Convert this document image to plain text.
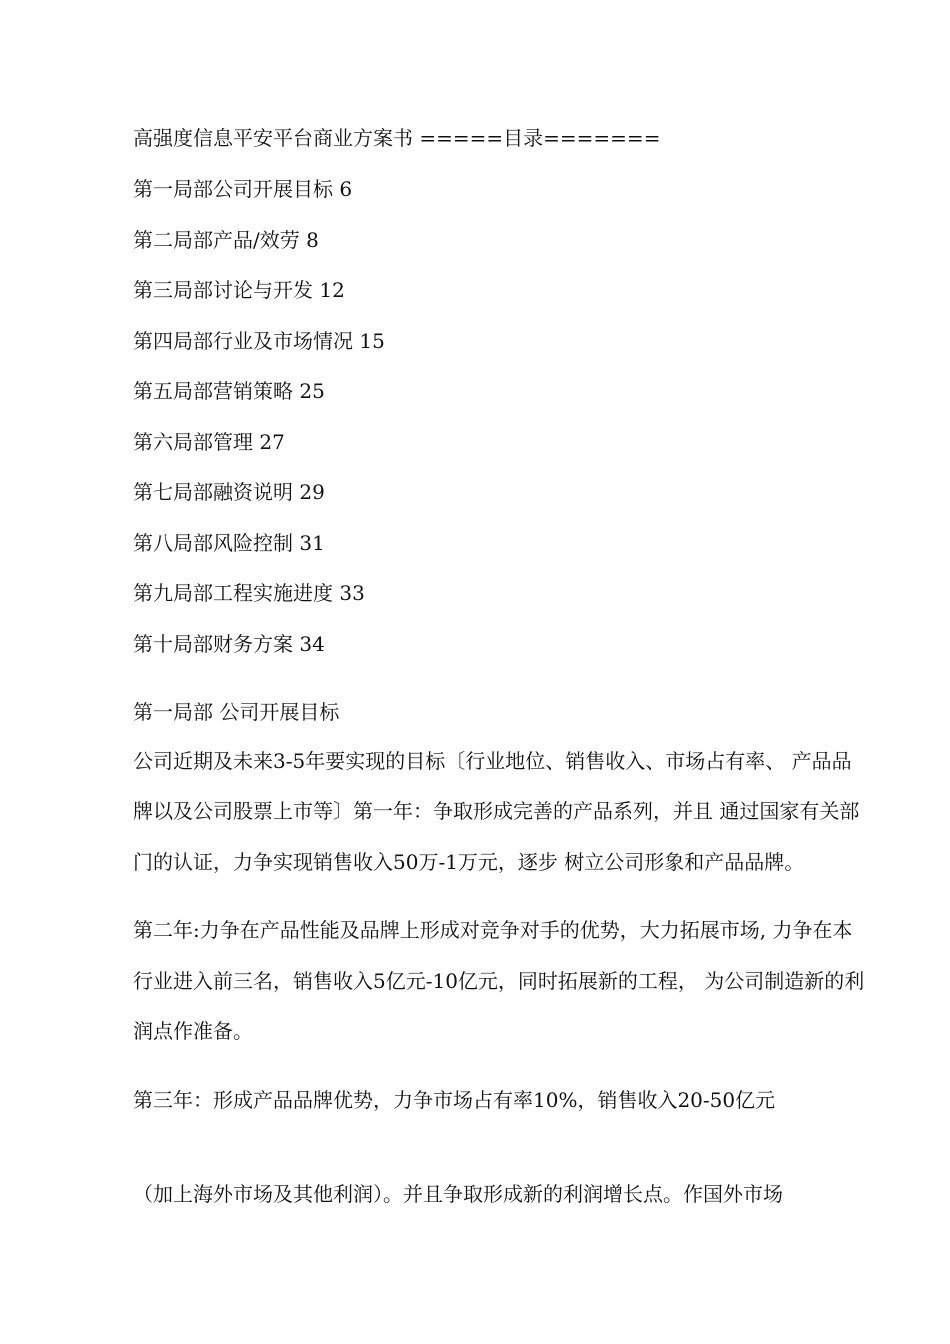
高强度信息平安平台商业方案书 =====目录=======

第一局部公司开展目标 6

第二局部产品/效劳 8

第三局部讨论与开发 12

第四局部行业及市场情况 15

第五局部营销策略 25

第六局部管理 27

第七局部融资说明 29

第八局部风险控制 31

第九局部工程实施进度 33

第十局部财务方案 34

第一局部 公司开展目标

公司近期及未来3-5年要实现的目标〔行业地位、销售收入、市场占有率、 产品品牌以及公司股票上市等〕第一年：争取形成完善的产品系列，并且 通过国家有关部门的认证，力争实现销售收入50万-1万元，逐步 树立公司形象和产品品牌。

第二年:力争在产品性能及品牌上形成对竞争对手的优势，大力拓展市场, 力争在本行业进入前三名，销售收入5亿元-10亿元，同时拓展新的工程， 为公司制造新的利润点作准备。

第三年：形成产品品牌优势，力争市场占有率10%，销售收入20-50亿元

（加上海外市场及其他利润）。并且争取形成新的利润增长点。作国外市场
